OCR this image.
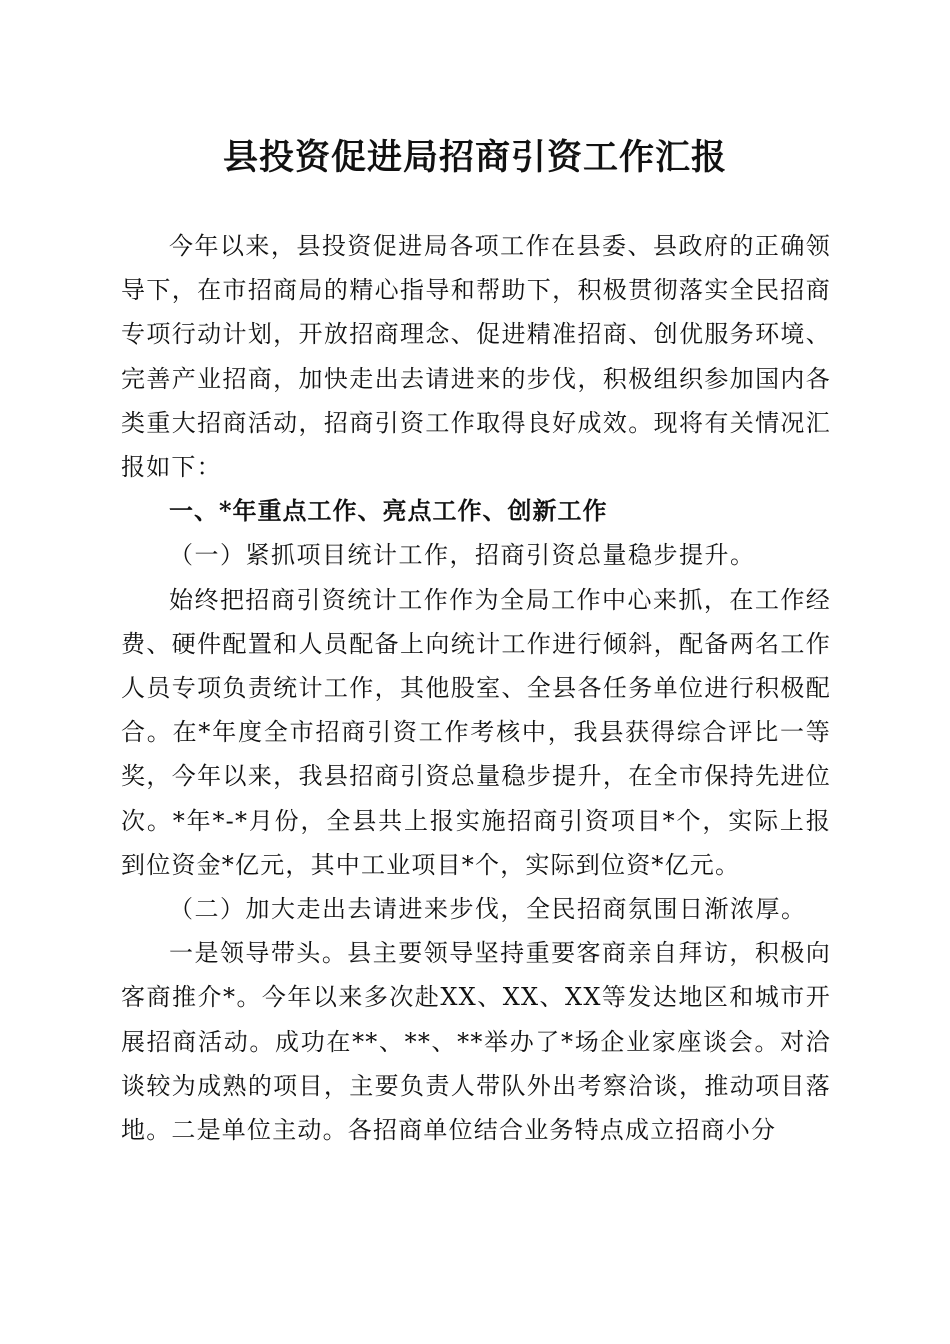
县投资促进局招商引资工作汇报

今年以来，县投资促进局各项工作在县委、县政府的正确领导下，在市招商局的精心指导和帮助下，积极贯彻落实全民招商专项行动计划，开放招商理念、促进精准招商、创优服务环境、完善产业招商，加快走出去请进来的步伐，积极组织参加国内各类重大招商活动，招商引资工作取得良好成效。现将有关情况汇报如下：

一、*年重点工作、亮点工作、创新工作

（一）紧抓项目统计工作，招商引资总量稳步提升。

始终把招商引资统计工作作为全局工作中心来抓，在工作经费、硬件配置和人员配备上向统计工作进行倾斜，配备两名工作人员专项负责统计工作，其他股室、全县各任务单位进行积极配合。在*年度全市招商引资工作考核中，我县获得综合评比一等奖，今年以来，我县招商引资总量稳步提升，在全市保持先进位次。*年*-*月份，全县共上报实施招商引资项目*个，实际上报到位资金*亿元，其中工业项目*个，实际到位资*亿元。

（二）加大走出去请进来步伐，全民招商氛围日渐浓厚。

一是领导带头。县主要领导坚持重要客商亲自拜访，积极向客商推介*。今年以来多次赴XX、XX、XX等发达地区和城市开展招商活动。成功在**、**、**举办了*场企业家座谈会。对洽谈较为成熟的项目，主要负责人带队外出考察洽谈，推动项目落地。二是单位主动。各招商单位结合业务特点成立招商小分
